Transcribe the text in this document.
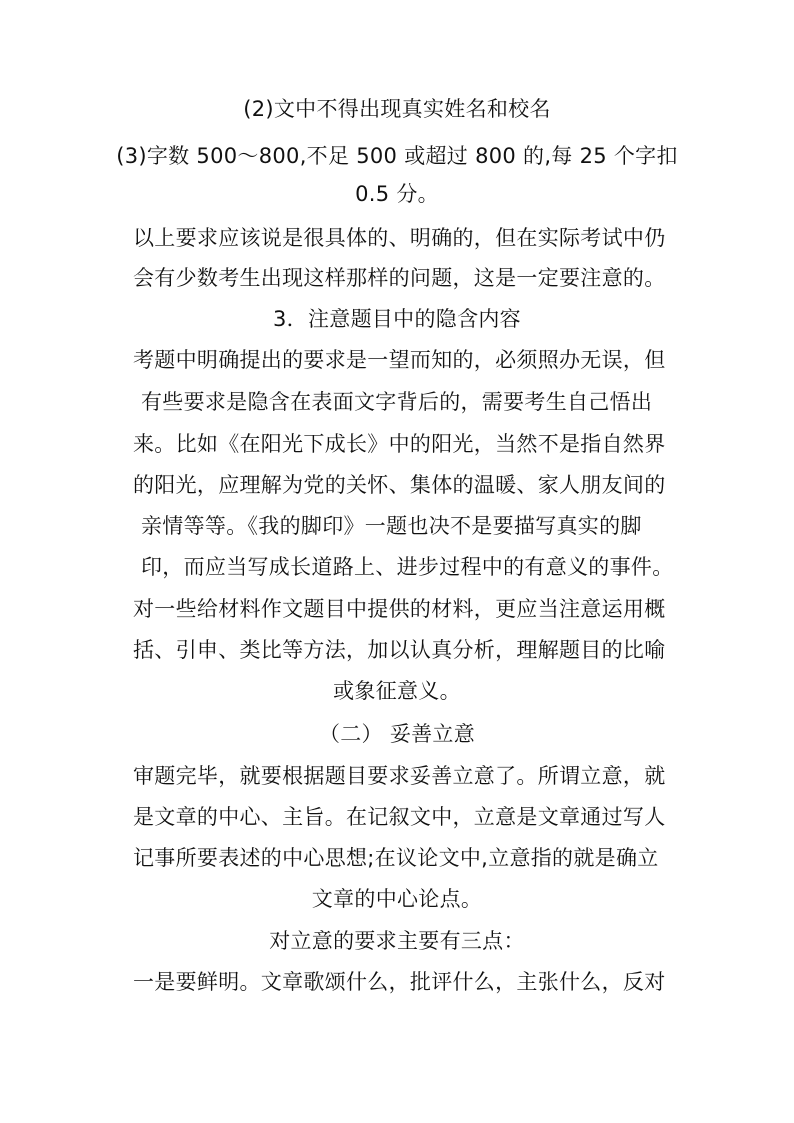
(2)文中不得出现真实姓名和校名
(3)字数 500～800,不足 500 或超过 800 的,每 25 个字扣
0.5 分。
以上要求应该说是很具体的、明确的，但在实际考试中仍
会有少数考生出现这样那样的问题，这是一定要注意的。
3．注意题目中的隐含内容
考题中明确提出的要求是一望而知的，必须照办无误，但
有些要求是隐含在表面文字背后的，需要考生自己悟出
来。比如《在阳光下成长》中的阳光，当然不是指自然界
的阳光，应理解为党的关怀、集体的温暖、家人朋友间的
亲情等等。《我的脚印》一题也决不是要描写真实的脚
印，而应当写成长道路上、进步过程中的有意义的事件。
对一些给材料作文题目中提供的材料，更应当注意运用概
括、引申、类比等方法，加以认真分析，理解题目的比喻
或象征意义。
（二） 妥善立意
审题完毕，就要根据题目要求妥善立意了。所谓立意，就
是文章的中心、主旨。在记叙文中，立意是文章通过写人
记事所要表述的中心思想;在议论文中,立意指的就是确立
文章的中心论点。
对立意的要求主要有三点：
一是要鲜明。文章歌颂什么，批评什么，主张什么，反对
